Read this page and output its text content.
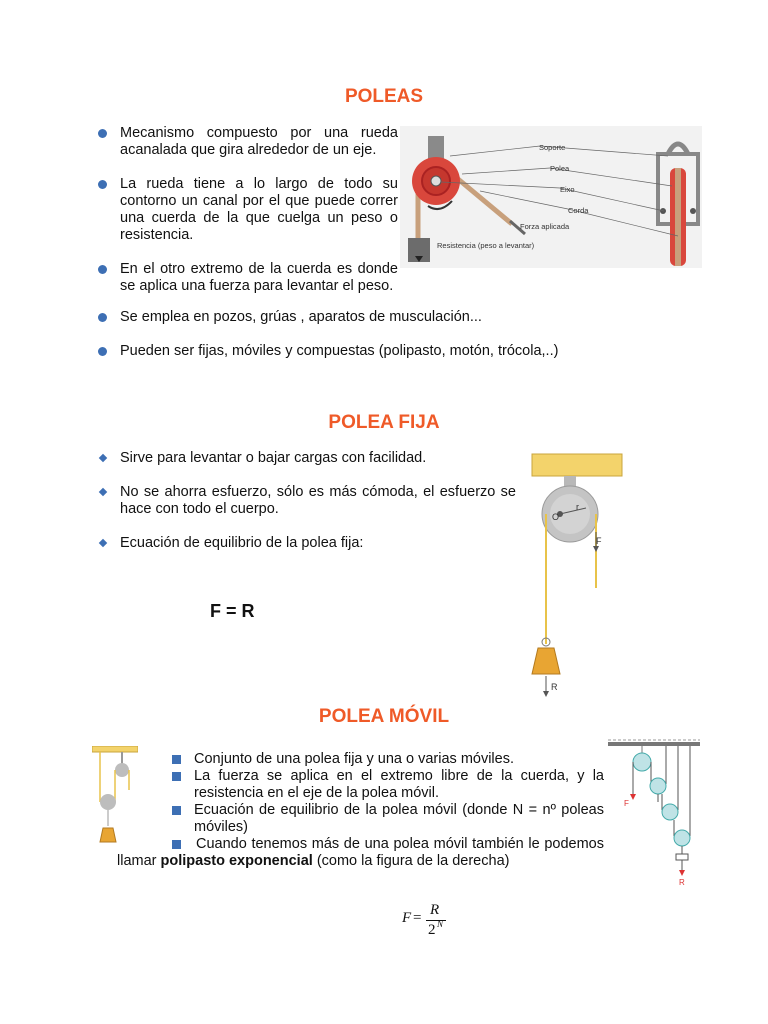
POLEAS
Mecanismo compuesto por una rueda acanalada que gira alrededor de un eje.
La rueda tiene a lo largo de todo su contorno un canal por el que puede correr una cuerda de la que cuelga un peso o resistencia.
En el otro extremo de la cuerda es donde se aplica una fuerza para levantar el peso.
Se emplea en pozos, grúas , aparatos de musculación...
Pueden ser fijas, móviles y compuestas (polipasto, motón, trócola,..)
Soporte
Polea
Eixo
Corda
Forza aplicada
Resistencia (peso a levantar)
POLEA FIJA
Sirve para levantar o bajar cargas con facilidad.
No se ahorra esfuerzo, sólo es más cómoda, el esfuerzo se hace con todo el cuerpo.
Ecuación de equilibrio de la polea fija:
F = R
O
r
F
R
POLEA MÓVIL
Conjunto de una polea fija y una o varias móviles.
La fuerza se aplica en el extremo libre de la cuerda, y la resistencia en el eje de la polea móvil.
Ecuación de equilibrio de la polea móvil (donde N = nº poleas móviles)
Cuando tenemos más de una polea móvil también le podemos llamar polipasto exponencial (como la figura de la derecha)
F = R
2 N
F
R
